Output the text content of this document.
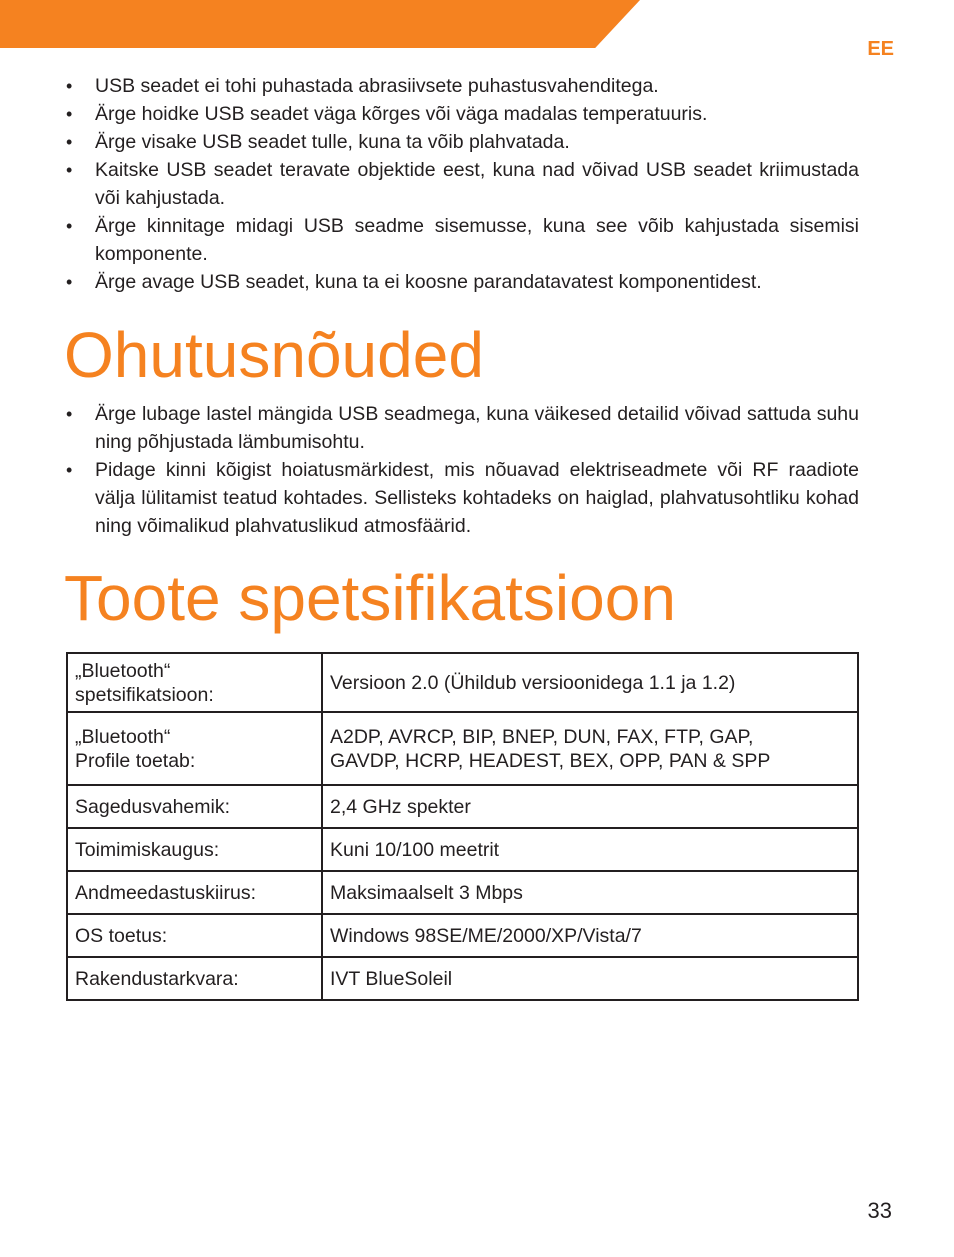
EE
• USB seadet ei tohi puhastada abrasiivsete puhastusvahenditega.
• Ärge hoidke USB seadet väga kõrges või väga madalas temperatuuris.
• Ärge visake USB seadet tulle, kuna ta võib plahvatada.
• Kaitske USB seadet teravate objektide eest, kuna nad võivad USB seadet kriimustada või kahjustada.
• Ärge kinnitage midagi USB seadme sisemusse, kuna see võib kahjustada sisemisi komponente.
• Ärge avage USB seadet, kuna ta ei koosne parandatavatest komponentidest.
Ohutusnõuded
• Ärge lubage lastel mängida USB seadmega, kuna väikesed detailid võivad sattuda suhu ning põhjustada lämbumisohtu.
• Pidage kinni kõigist hoiatusmärkidest, mis nõuavad elektriseadmete või RF raadiote välja lülitamist teatud kohtades. Sellisteks kohtadeks on haiglad, plahvatusohtliku kohad ning võimalikud plahvatuslikud atmosfäärid.
Toote spetsifikatsioon
„Bluetooth“
spetsifikatsioon:	Versioon 2.0 (Ühildub versioonidega 1.1 ja 1.2)
„Bluetooth“
Profile toetab:	A2DP, AVRCP, BIP, BNEP, DUN, FAX, FTP, GAP,
GAVDP, HCRP, HEADEST, BEX, OPP, PAN & SPP
Sagedusvahemik:	2,4 GHz spekter
Toimimiskaugus:	Kuni 10/100 meetrit
Andmeedastuskiirus:	Maksimaalselt 3 Mbps
OS toetus:	Windows 98SE/ME/2000/XP/Vista/7
Rakendustarkvara:	IVT BlueSoleil
33
